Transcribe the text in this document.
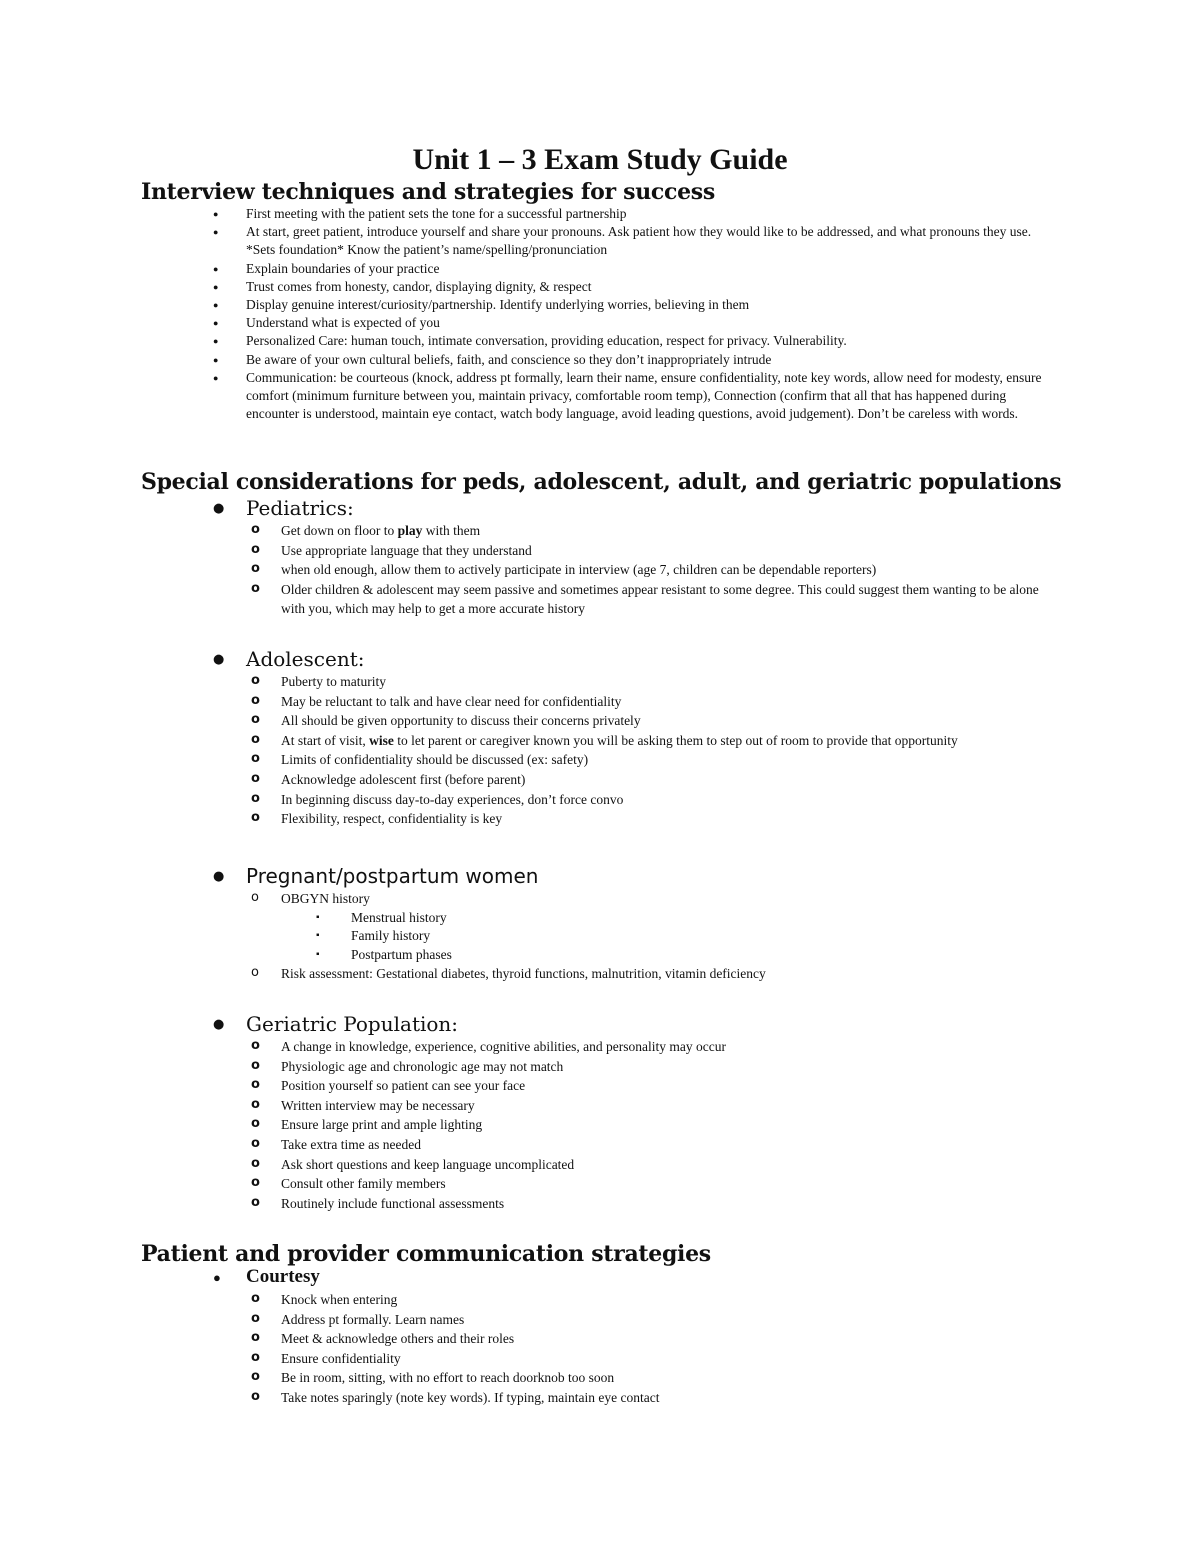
Unit 1 – 3 Exam Study Guide
Interview techniques and strategies for success
● First meeting with the patient sets the tone for a successful partnership
● At start, greet patient, introduce yourself and share your pronouns. Ask patient how they would like to be addressed, and what pronouns they use. *Sets foundation* Know the patient’s name/spelling/pronunciation
● Explain boundaries of your practice
● Trust comes from honesty, candor, displaying dignity, & respect
● Display genuine interest/curiosity/partnership. Identify underlying worries, believing in them
● Understand what is expected of you
● Personalized Care: human touch, intimate conversation, providing education, respect for privacy. Vulnerability.
● Be aware of your own cultural beliefs, faith, and conscience so they don’t inappropriately intrude
● Communication: be courteous (knock, address pt formally, learn their name, ensure confidentiality, note key words, allow need for modesty, ensure comfort (minimum furniture between you, maintain privacy, comfortable room temp), Connection (confirm that all that has happened during encounter is understood, maintain eye contact, watch body language, avoid leading questions, avoid judgement). Don’t be careless with words.
Special considerations for peds, adolescent, adult, and geriatric populations
● Pediatrics:
o Get down on floor to play with them
o Use appropriate language that they understand
o when old enough, allow them to actively participate in interview (age 7, children can be dependable reporters)
o Older children & adolescent may seem passive and sometimes appear resistant to some degree. This could suggest them wanting to be alone with you, which may help to get a more accurate history
● Adolescent:
o Puberty to maturity
o May be reluctant to talk and have clear need for confidentiality
o All should be given opportunity to discuss their concerns privately
o At start of visit, wise to let parent or caregiver known you will be asking them to step out of room to provide that opportunity
o Limits of confidentiality should be discussed (ex: safety)
o Acknowledge adolescent first (before parent)
o In beginning discuss day-to-day experiences, don’t force convo
o Flexibility, respect, confidentiality is key
● Pregnant/postpartum women
o OBGYN history
▪ Menstrual history
▪ Family history
▪ Postpartum phases
o Risk assessment: Gestational diabetes, thyroid functions, malnutrition, vitamin deficiency
● Geriatric Population:
o A change in knowledge, experience, cognitive abilities, and personality may occur
o Physiologic age and chronologic age may not match
o Position yourself so patient can see your face
o Written interview may be necessary
o Ensure large print and ample lighting
o Take extra time as needed
o Ask short questions and keep language uncomplicated
o Consult other family members
o Routinely include functional assessments
Patient and provider communication strategies
● Courtesy
o Knock when entering
o Address pt formally. Learn names
o Meet & acknowledge others and their roles
o Ensure confidentiality
o Be in room, sitting, with no effort to reach doorknob too soon
o Take notes sparingly (note key words). If typing, maintain eye contact
